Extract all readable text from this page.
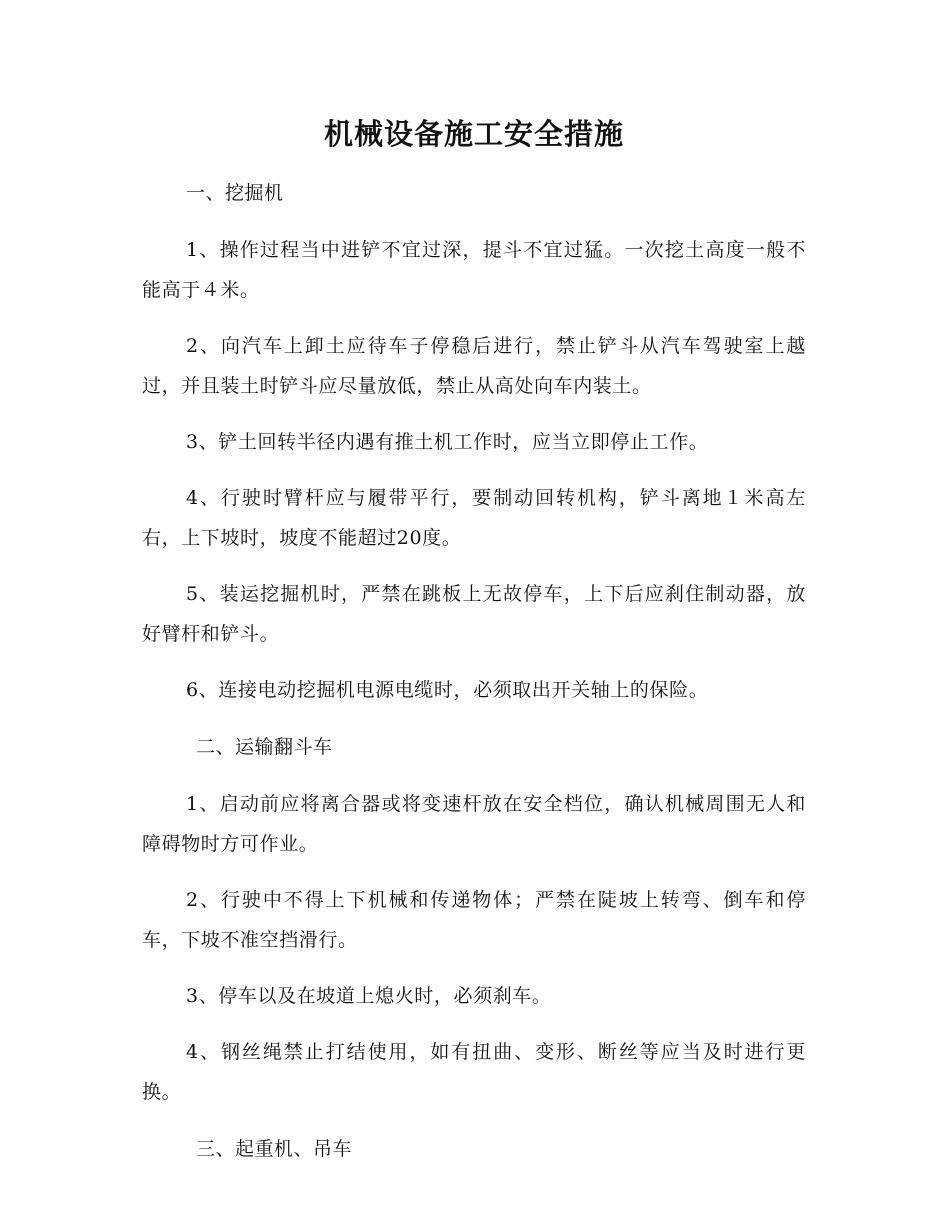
机械设备施工安全措施

一、挖掘机

1、操作过程当中进铲不宜过深，提斗不宜过猛。一次挖土高度一般不能高于４米。

2、向汽车上卸土应待车子停稳后进行，禁止铲斗从汽车驾驶室上越过，并且装土时铲斗应尽量放低，禁止从高处向车内装土。

3、铲土回转半径内遇有推土机工作时，应当立即停止工作。

4、行驶时臂杆应与履带平行，要制动回转机构，铲斗离地１米高左右，上下坡时，坡度不能超过20度。

5、装运挖掘机时，严禁在跳板上无故停车，上下后应刹住制动器，放好臂杆和铲斗。

6、连接电动挖掘机电源电缆时，必须取出开关轴上的保险。

二、运输翻斗车

1、启动前应将离合器或将变速杆放在安全档位，确认机械周围无人和障碍物时方可作业。

2、行驶中不得上下机械和传递物体；严禁在陡坡上转弯、倒车和停车，下坡不准空挡滑行。

3、停车以及在坡道上熄火时，必须刹车。

4、钢丝绳禁止打结使用，如有扭曲、变形、断丝等应当及时进行更换。

三、起重机、吊车
